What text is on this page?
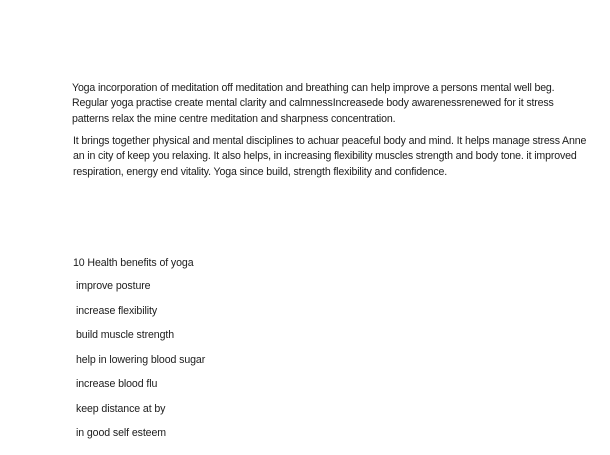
Yoga incorporation of meditation off meditation and breathing can help improve a persons mental well beg. Regular yoga practise create mental clarity and calmnessIncreasede body awarenessrenewed for it stress patterns relax the mine centre meditation and sharpness concentration.

It brings together physical and mental disciplines to achuar peaceful body and mind. It helps manage stress Anne an in city of keep you relaxing. It also helps, in increasing flexibility muscles strength and body tone. it improved respiration, energy end vitality. Yoga since build, strength flexibility and confidence.

10 Health benefits of yoga

improve posture
increase flexibility
build muscle strength
help in lowering blood sugar
increase blood flu
keep distance at by
in good self esteem
